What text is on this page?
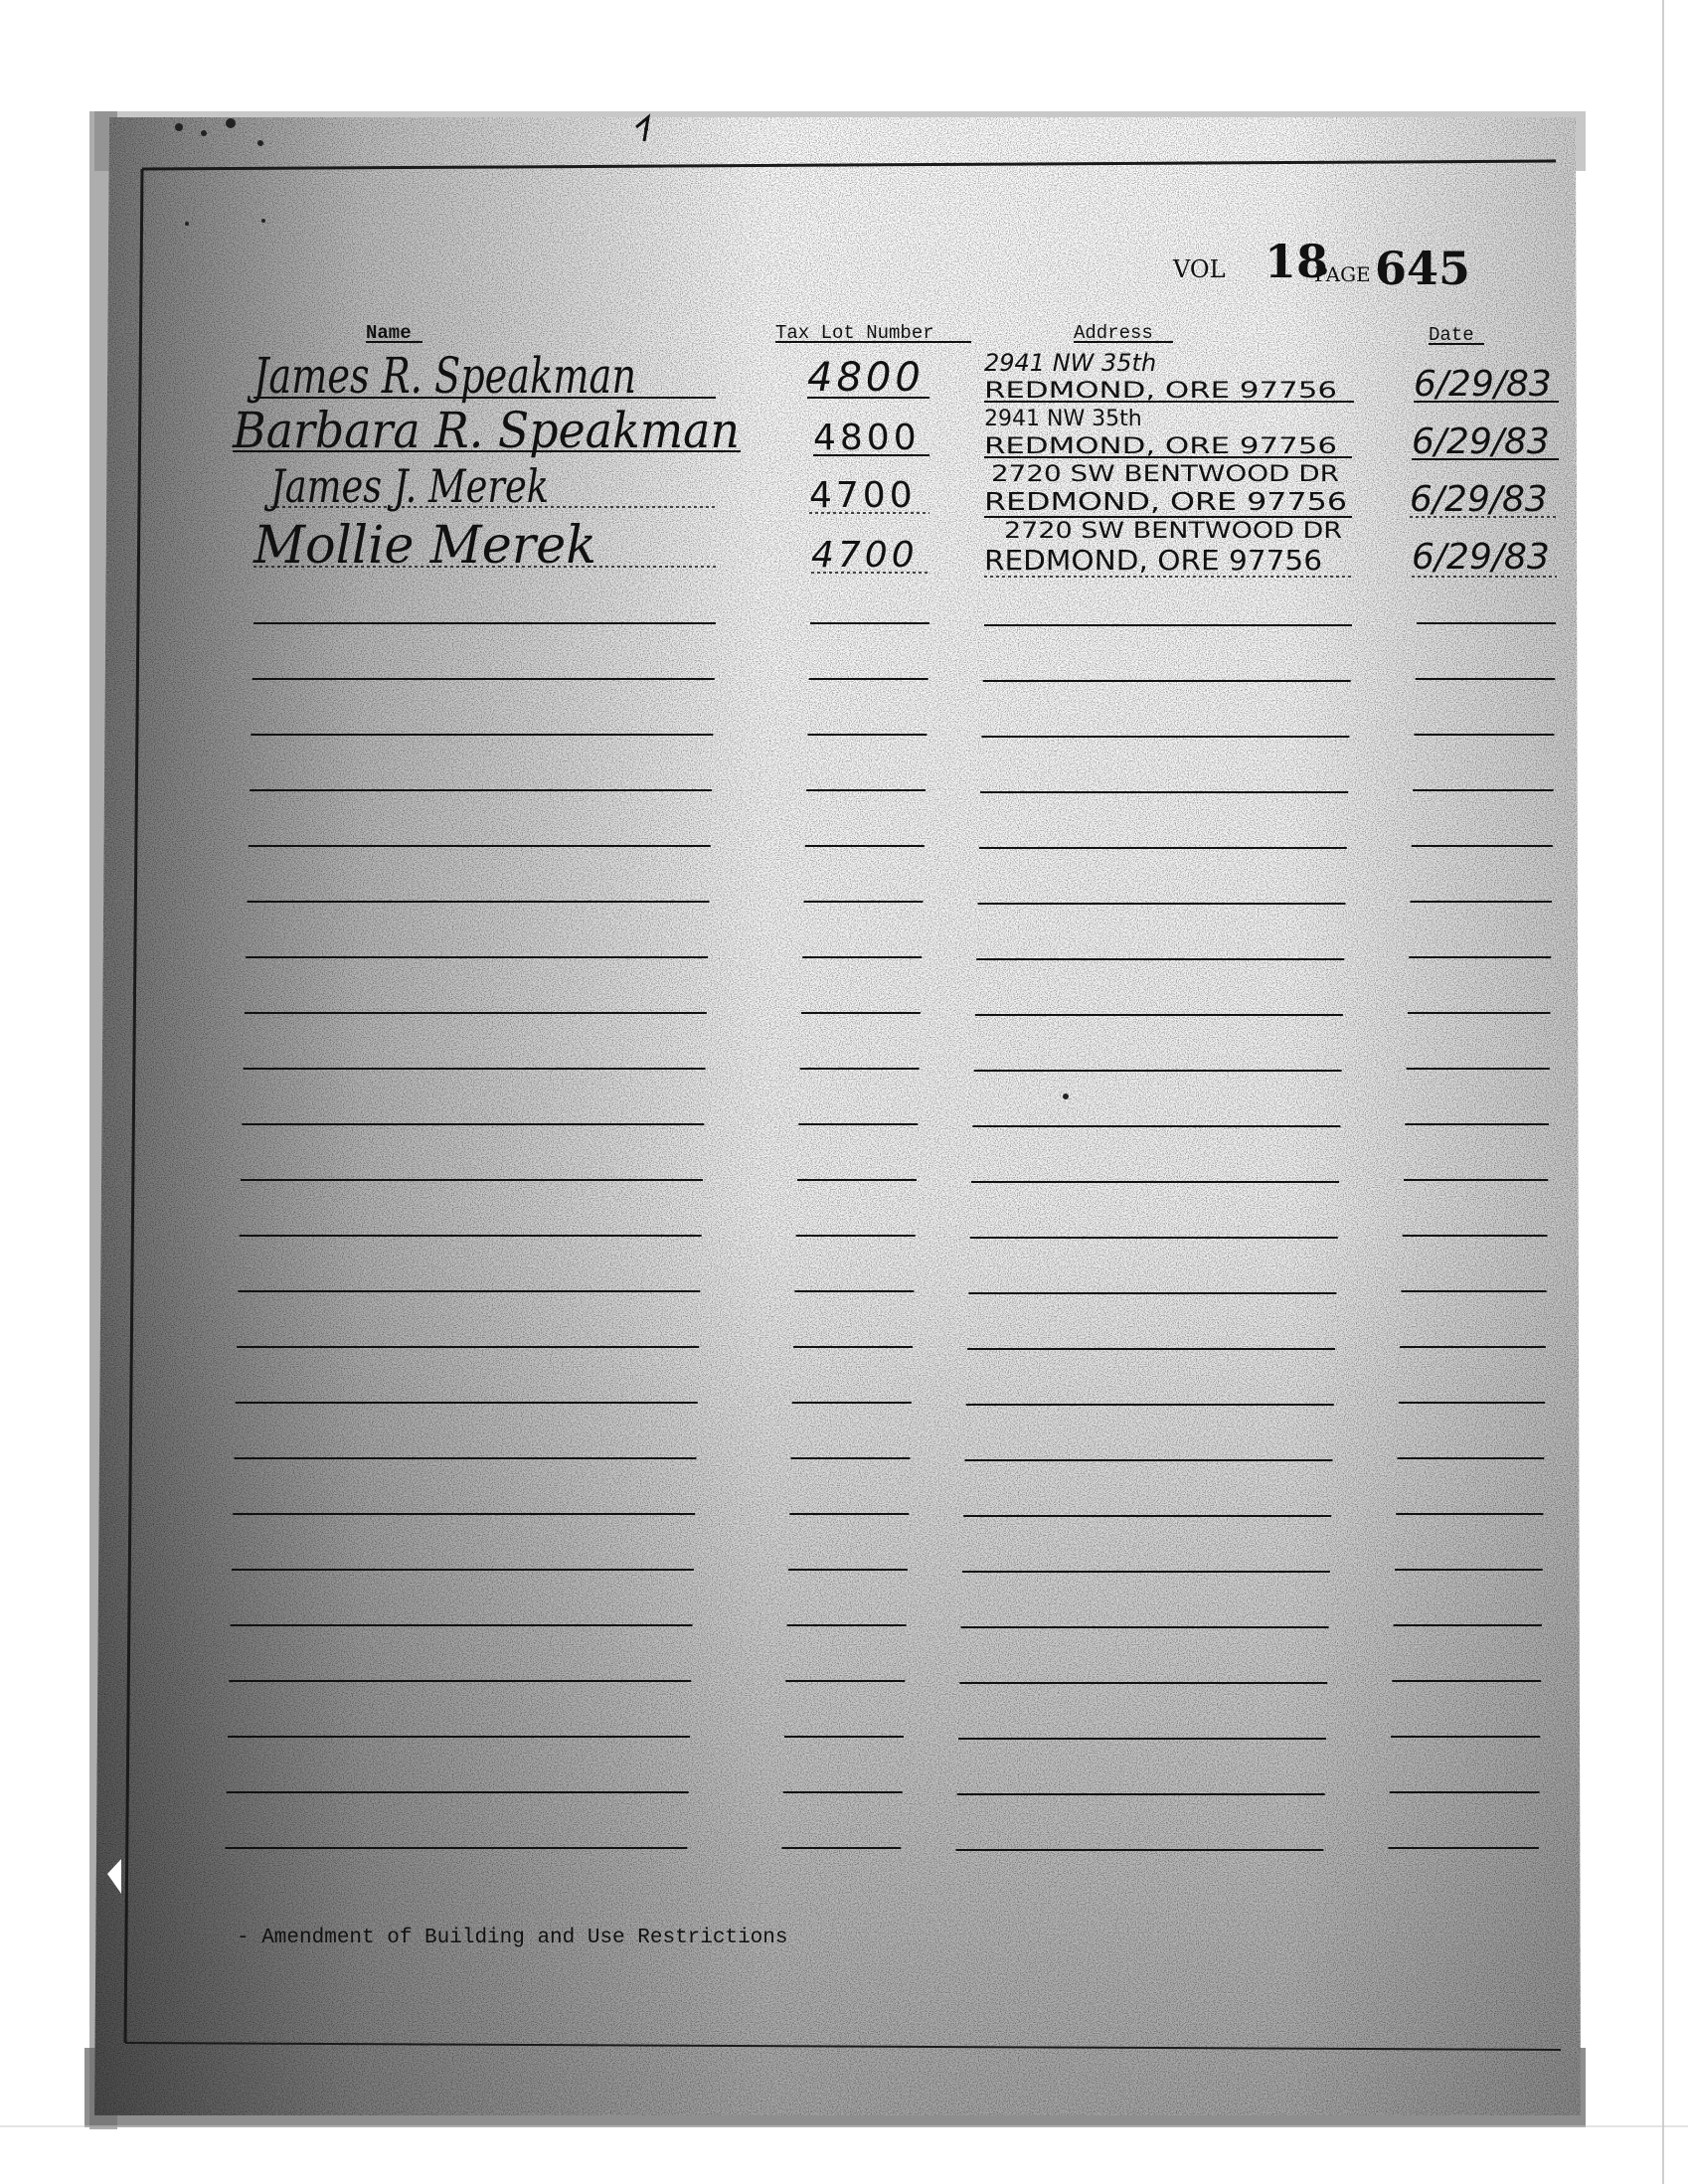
VOL 18
PAGE 645
Name	Tax Lot Number	Address	Date
James R. Speakman	4800	2941 NW 35th
REDMOND, ORE 97756 6/29/83
Barbara R. Speakman 4800	2941 NW 35th
REDMOND, ORE 97756 6/29/83
James J. Merek	4700
2720 SW BENTWOOD DR
REDMOND, ORE 97756 6/29/83
Mollie Merek	4700
2720 SW BENTWOOD DR
REDMOND, ORE 97756	6/29/83
- Amendment of Building and Use Restrictions
